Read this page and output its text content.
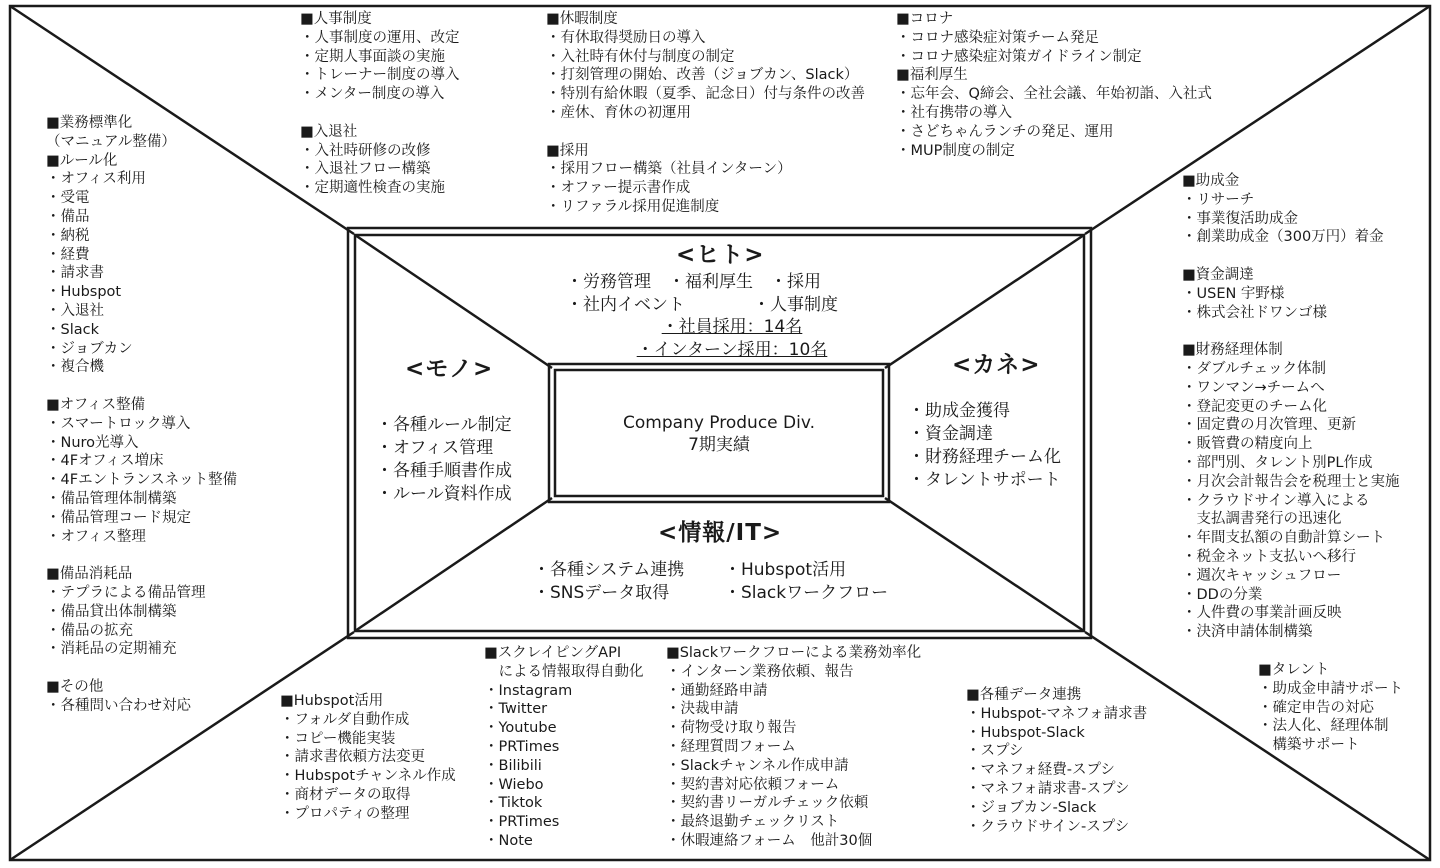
Company Produce Div.
7期実績
<ヒト>
・労務管理　・福利厚生　・採用
・社内イベント　　　　・人事制度
・社員採用：14名
・インターン採用：10名
<モノ>
・各種ルール制定
・オフィス管理
・各種手順書作成
・ルール資料作成
<カネ>
・助成金獲得
・資金調達
・財務経理チーム化
・タレントサポート
<情報/IT>
・各種システム連携
・SNSデータ取得
・Hubspot活用
・Slackワークフロー
■人事制度
・人事制度の運用、改定
・定期人事面談の実施
・トレーナー制度の導入
・メンター制度の導入
■入退社
・入社時研修の改修
・入退社フロー構築
・定期適性検査の実施
■休暇制度
・有休取得奨励日の導入
・入社時有休付与制度の制定
・打刻管理の開始、改善（ジョブカン、Slack）
・特別有給休暇（夏季、記念日）付与条件の改善
・産休、育休の初運用
■採用
・採用フロー構築（社員インターン）
・オファー提示書作成
・リファラル採用促進制度
■コロナ
・コロナ感染症対策チーム発足
・コロナ感染症対策ガイドライン制定
■福利厚生
・忘年会、Q締会、全社会議、年始初詣、入社式
・社有携帯の導入
・さどちゃんランチの発足、運用
・MUP制度の制定
■業務標準化
（マニュアル整備）
■ルール化
・オフィス利用
・受電
・備品
・納税
・経費
・請求書
・Hubspot
・入退社
・Slack
・ジョブカン
・複合機
■オフィス整備
・スマートロック導入
・Nuro光導入
・4Fオフィス増床
・4Fエントランスネット整備
・備品管理体制構築
・備品管理コード規定
・オフィス整理
■備品消耗品
・テプラによる備品管理
・備品貸出体制構築
・備品の拡充
・消耗品の定期補充
■その他
・各種問い合わせ対応
■助成金
・リサーチ
・事業復活助成金
・創業助成金（300万円）着金
■資金調達
・USEN 宇野様
・株式会社ドワンゴ様
■財務経理体制
・ダブルチェック体制
・ワンマン→チームへ
・登記変更のチーム化
・固定費の月次管理、更新
・販管費の精度向上
・部門別、タレント別PL作成
・月次会計報告会を税理士と実施
・クラウドサイン導入による
　支払調書発行の迅速化
・年間支払額の自動計算シート
・税金ネット支払いへ移行
・週次キャッシュフロー
・DDの分業
・人件費の事業計画反映
・決済申請体制構築
■タレント
・助成金申請サポート
・確定申告の対応
・法人化、経理体制
　構築サポート
■Hubspot活用
・フォルダ自動作成
・コピー機能実装
・請求書依頼方法変更
・Hubspotチャンネル作成
・商材データの取得
・プロパティの整理
■スクレイピングAPI
　による情報取得自動化
・Instagram
・Twitter
・Youtube
・PRTimes
・Bilibili
・Wiebo
・Tiktok
・PRTimes
・Note
■Slackワークフローによる業務効率化
・インターン業務依頼、報告
・通勤経路申請
・決裁申請
・荷物受け取り報告
・経理質問フォーム
・Slackチャンネル作成申請
・契約書対応依頼フォーム
・契約書リーガルチェック依頼
・最終退勤チェックリスト
・休暇連絡フォーム　他計30個
■各種データ連携
・Hubspot-マネフォ請求書
・Hubspot-Slack
・スプシ
・マネフォ経費-スプシ
・マネフォ請求書-スプシ
・ジョブカン-Slack
・クラウドサイン-スプシ
